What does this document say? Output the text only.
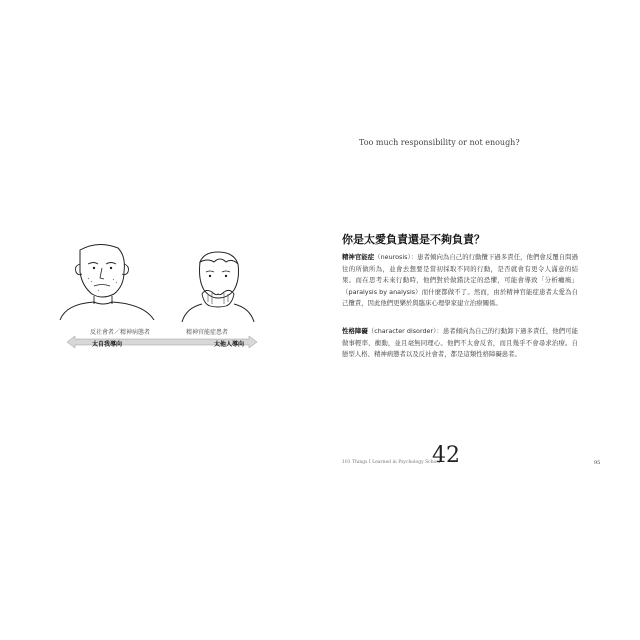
反社會者／精神病態者	精神官能症患者
太自我導向	太他人導向
Too much responsibility or not enough?
你是太愛負責還是不夠負責？
精神官能症（neurosis）：患者傾向為自己的行動攬下過多責任，他們會反覆自問過往的所做所為，並會去想要是當初採取不同的行動，是否就會有更令人滿意的結果。而在思考未來行動時，他們對於做錯決定的恐懼，可能會導致「分析癱瘓」（paralysis by analysis）而什麼都做不了。然而，由於精神官能症患者太愛為自己攬責，因此他們更樂於與臨床心理學家建立治療關係。
性格障礙（character disorder）：患者傾向為自己的行動卸下過多責任，他們可能做事輕率、衝動，並且毫無同理心。他們不太會反省，而且幾乎不會尋求治療。自戀型人格、精神病態者以及反社會者，都是這類性格障礙患者。
101 Things I Learned in Psychology School
42	95
